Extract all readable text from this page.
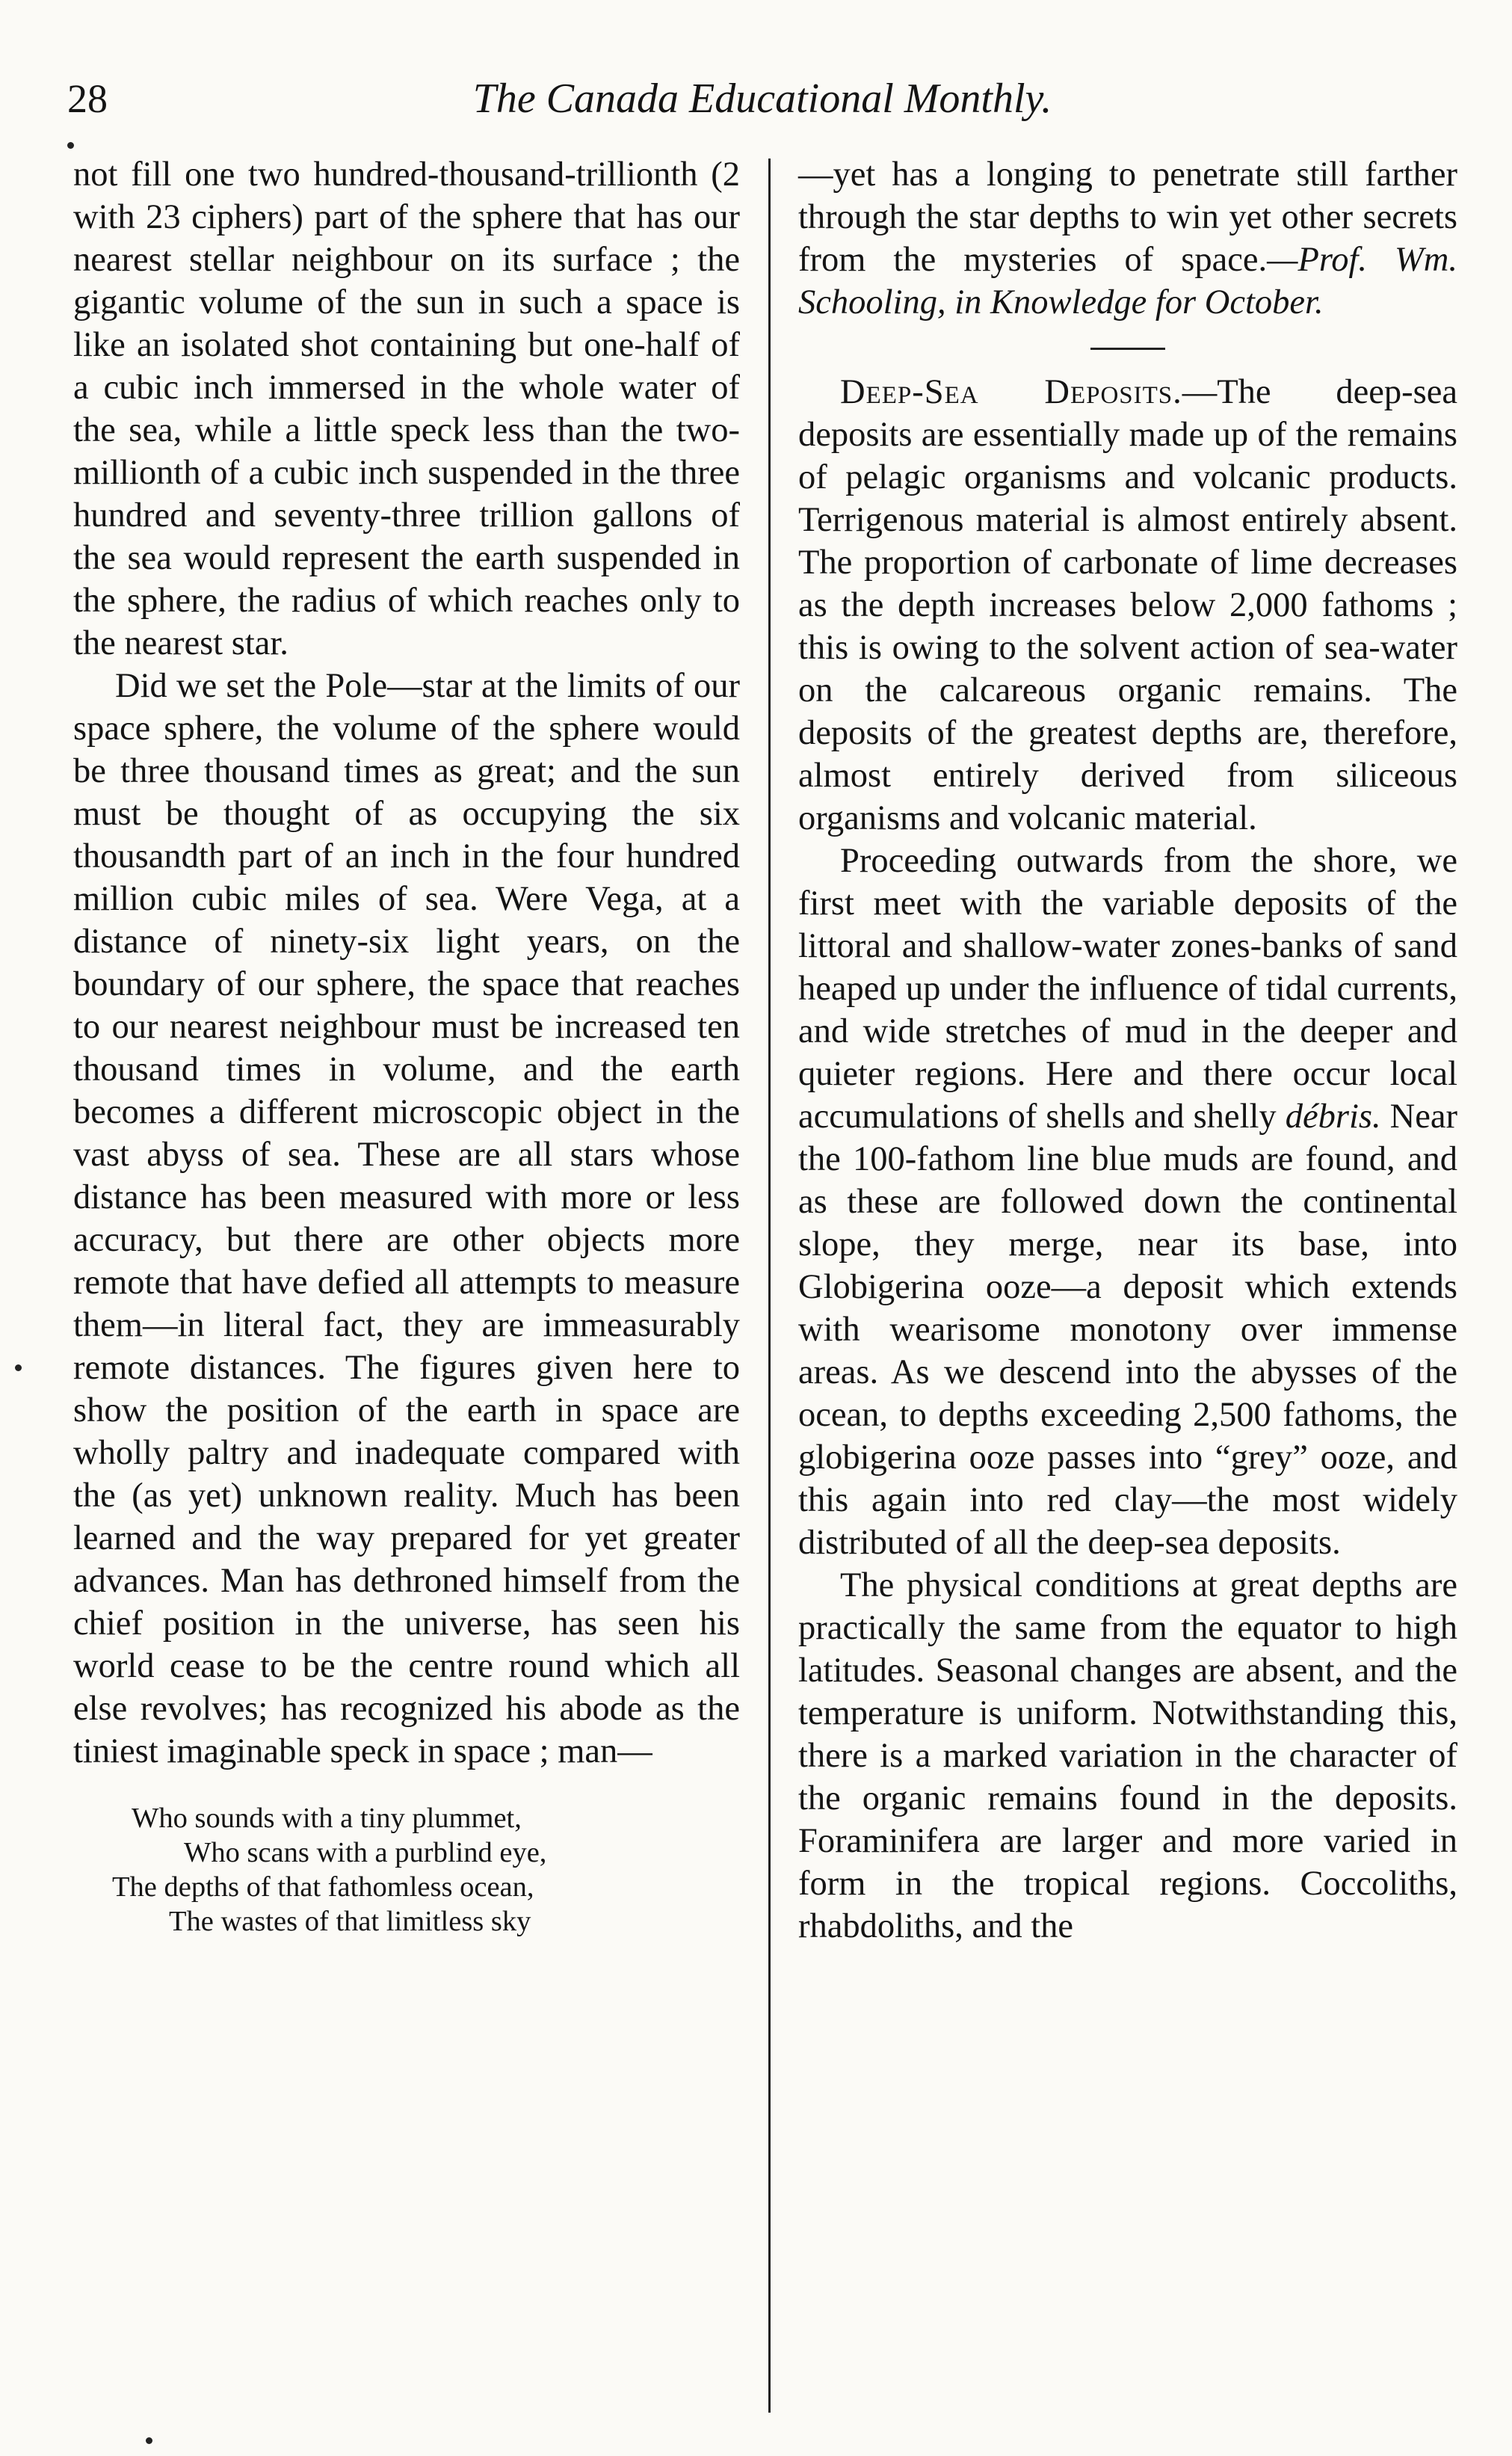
28	The Canada Educational Monthly.

not fill one two hundred-thousand-trillionth (2 with 23 ciphers) part of the sphere that has our nearest stellar neighbour on its surface ; the gigantic volume of the sun in such a space is like an isolated shot containing but one-half of a cubic inch immersed in the whole water of the sea, while a little speck less than the two-millionth of a cubic inch suspended in the three hundred and seventy-three trillion gallons of the sea would represent the earth suspended in the sphere, the radius of which reaches only to the nearest star.

Did we set the Pole—star at the limits of our space sphere, the volume of the sphere would be three thousand times as great; and the sun must be thought of as occupying the six thousandth part of an inch in the four hundred million cubic miles of sea. Were Vega, at a distance of ninety-six light years, on the boundary of our sphere, the space that reaches to our nearest neighbour must be increased ten thousand times in volume, and the earth becomes a different microscopic object in the vast abyss of sea. These are all stars whose distance has been measured with more or less accuracy, but there are other objects more remote that have defied all attempts to measure them—in literal fact, they are immeasurably remote distances. The figures given here to show the position of the earth in space are wholly paltry and inadequate compared with the (as yet) unknown reality. Much has been learned and the way prepared for yet greater advances. Man has dethroned himself from the chief position in the universe, has seen his world cease to be the centre round which all else revolves; has recognized his abode as the tiniest imaginable speck in space ; man—

Who sounds with a tiny plummet,
Who scans with a purblind eye,
The depths of that fathomless ocean,
The wastes of that limitless sky

—yet has a longing to penetrate still farther through the star depths to win yet other secrets from the mysteries of space.—Prof. Wm. Schooling, in Knowledge for October.

Deep-Sea Deposits.—The deep-sea deposits are essentially made up of the remains of pelagic organisms and volcanic products. Terrigenous material is almost entirely absent. The proportion of carbonate of lime decreases as the depth increases below 2,000 fathoms ; this is owing to the solvent action of sea-water on the calcareous organic remains. The deposits of the greatest depths are, therefore, almost entirely derived from siliceous organisms and volcanic material.

Proceeding outwards from the shore, we first meet with the variable deposits of the littoral and shallow-water zones-banks of sand heaped up under the influence of tidal currents, and wide stretches of mud in the deeper and quieter regions. Here and there occur local accumulations of shells and shelly débris. Near the 100-fathom line blue muds are found, and as these are followed down the continental slope, they merge, near its base, into Globigerina ooze—a deposit which extends with wearisome monotony over immense areas. As we descend into the abysses of the ocean, to depths exceeding 2,500 fathoms, the globigerina ooze passes into “grey” ooze, and this again into red clay—the most widely distributed of all the deep-sea deposits.

The physical conditions at great depths are practically the same from the equator to high latitudes. Seasonal changes are absent, and the temperature is uniform. Notwithstanding this, there is a marked variation in the character of the organic remains found in the deposits. Foraminifera are larger and more varied in form in the tropical regions. Coccoliths, rhabdoliths, and the
